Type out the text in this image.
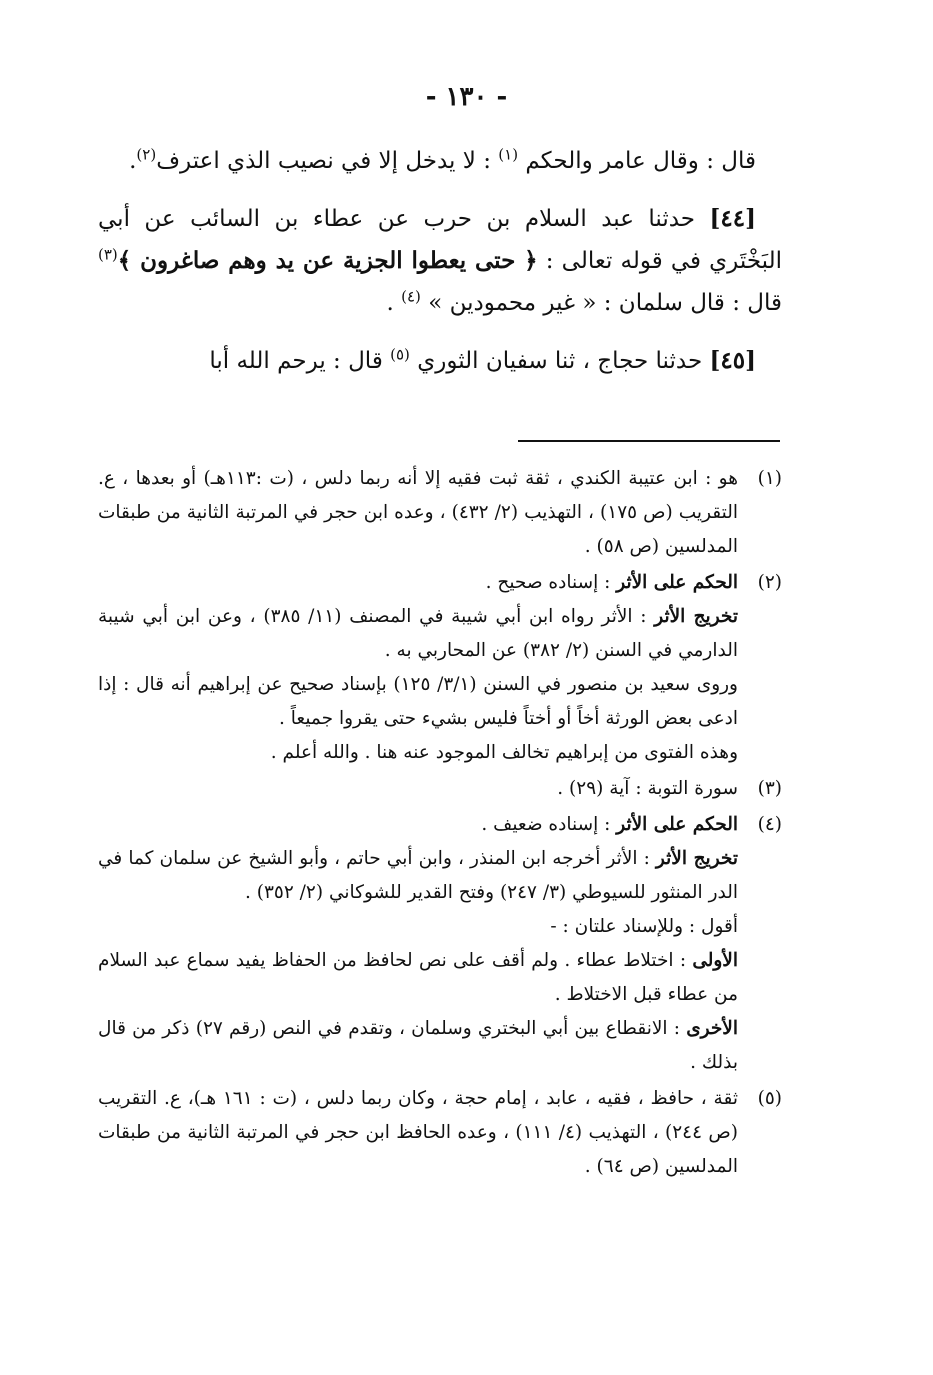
- ١٣٠ -

قال : وقال عامر والحكم $^{(١)}$ : لا يدخل إلا في نصيب الذي اعترف$^{(٢)}$.

[٤٤] حدثنا عبد السلام بن حرب عن عطاء بن السائب عن أبي البَخْتَري في قوله تعالى : ﴿ حتى يعطوا الجزية عن يد وهم صاغرون ﴾$^{(٣)}$ قال : قال سلمان : « غير محمودين » $^{(٤)}$ .

[٤٥] حدثنا حجاج ، ثنا سفيان الثوري $^{(٥)}$ قال : يرحم الله أبا

(١)

هو : ابن عتيبة الكندي ، ثقة ثبت فقيه إلا أنه ربما دلس ، (ت :١١٣هـ) أو بعدها ، ع. التقريب (ص ١٧٥) ، التهذيب (٢/ ٤٣٢) ، وعده ابن حجر في المرتبة الثانية من طبقات المدلسين (ص ٥٨) .

(٢)

الحكم على الأثر : إسناده صحيح .

تخريج الأثر : الأثر رواه ابن أبي شيبة في المصنف (١١/ ٣٨٥) ، وعن ابن أبي شيبة الدارمي في السنن (٢/ ٣٨٢) عن المحاربي به .

وروى سعيد بن منصور في السنن (٣/١/ ١٢٥) بإسناد صحيح عن إبراهيم أنه قال : إذا ادعى بعض الورثة أخاً أو أختاً فليس بشيء حتى يقروا جميعاً .

وهذه الفتوى من إبراهيم تخالف الموجود عنه هنا . والله أعلم .

(٣)

سورة التوبة : آية (٢٩) .

(٤)

الحكم على الأثر : إسناده ضعيف .

تخريج الأثر : الأثر أخرجه ابن المنذر ، وابن أبي حاتم ، وأبو الشيخ عن سلمان كما في الدر المنثور للسيوطي (٣/ ٢٤٧) وفتح القدير للشوكاني (٢/ ٣٥٢) .

أقول : وللإسناد علتان : -

الأولى : اختلاط عطاء . ولم أقف على نص لحافظ من الحفاظ يفيد سماع عبد السلام من عطاء قبل الاختلاط .

الأخرى : الانقطاع بين أبي البختري وسلمان ، وتقدم في النص (رقم ٢٧) ذكر من قال بذلك .

(٥)

ثقة ، حافظ ، فقيه ، عابد ، إمام حجة ، وكان ربما دلس ، (ت : ١٦١ هـ)، ع. التقريب (ص ٢٤٤) ، التهذيب (٤/ ١١١) ، وعده الحافظ ابن حجر في المرتبة الثانية من طبقات المدلسين (ص ٦٤) .
